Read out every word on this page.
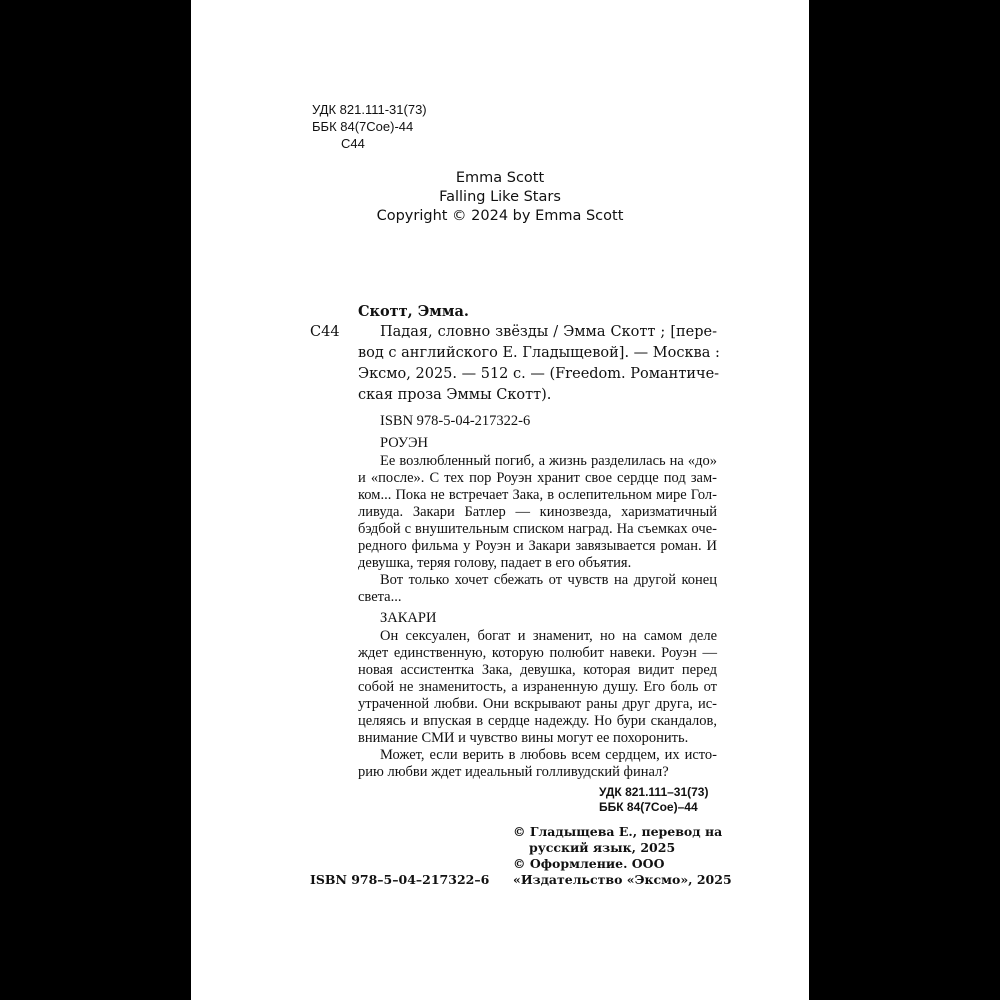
УДК 821.111-31(73)
ББК 84(7Сое)-44
С44
Emma Scott
Falling Like Stars
Copyright © 2024 by Emma Scott
Скотт, Эмма.
С44	Падая, словно звёзды / Эмма Скотт ; [пере-
вод с английского Е. Гладыщевой]. — Москва :
Эксмо, 2025. — 512 с. — (Freedom. Романтиче-
ская проза Эммы Скотт).
ISBN 978-5-04-217322-6
РОУЭН
Ее возлюбленный погиб, а жизнь разделилась на «до»
и «после». С тех пор Роуэн хранит свое сердце под зам-
ком... Пока не встречает Зака, в ослепительном мире Гол-
ливуда. Закари Батлер — кинозвезда, харизматичный
бэдбой с внушительным списком наград. На съемках оче-
редного фильма у Роуэн и Закари завязывается роман. И
девушка, теряя голову, падает в его объятия.
Вот только хочет сбежать от чувств на другой конец
света...
ЗАКАРИ
Он сексуален, богат и знаменит, но на самом деле
ждет единственную, которую полюбит навеки. Роуэн —
новая ассистентка Зака, девушка, которая видит перед
собой не знаменитость, а израненную душу. Его боль от
утраченной любви. Они вскрывают раны друг друга, ис-
целяясь и впуская в сердце надежду. Но бури скандалов,
внимание СМИ и чувство вины могут ее похоронить.
Может, если верить в любовь всем сердцем, их исто-
рию любви ждет идеальный голливудский финал?
УДК 821.111–31(73)
ББК 84(7Сое)–44
© Гладыщева Е., перевод на
русский язык, 2025
© Оформление. ООО
«Издательство «Эксмо», 2025
ISBN 978–5–04–217322–6
